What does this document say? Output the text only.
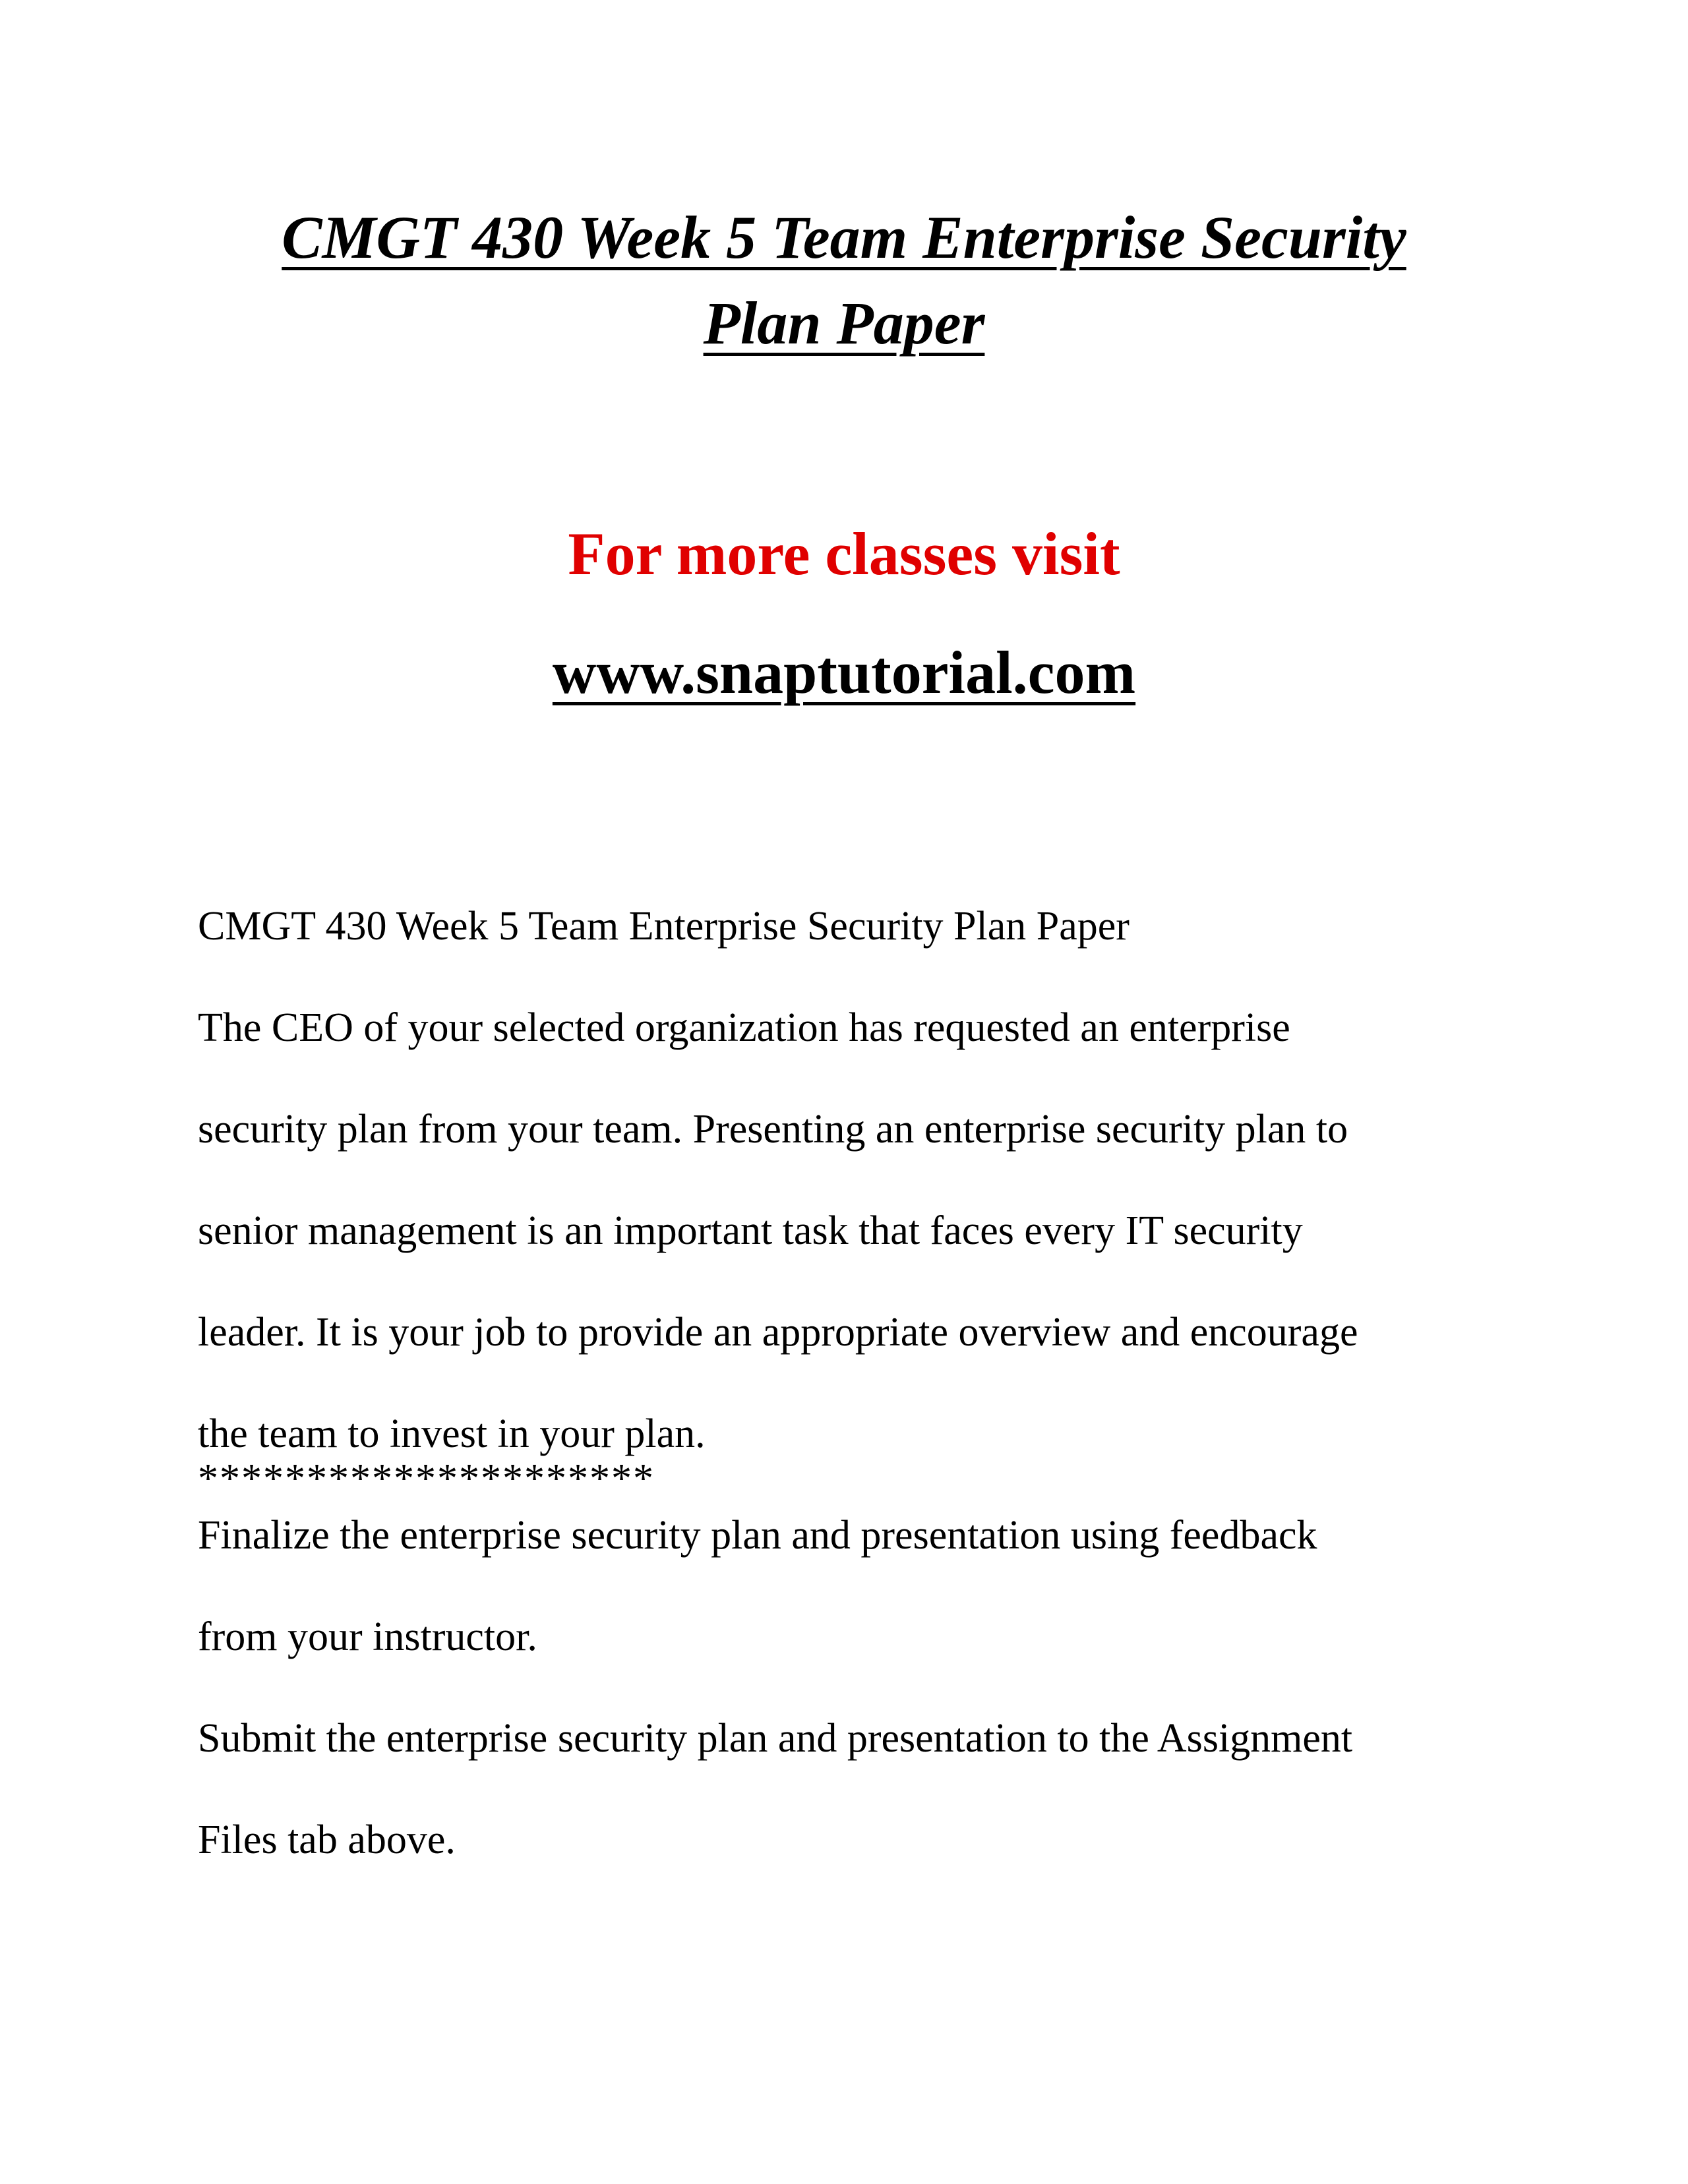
CMGT 430 Week 5 Team Enterprise Security
Plan Paper
For more classes visit
www.snaptutorial.com

CMGT 430 Week 5 Team Enterprise Security Plan Paper

The CEO of your selected organization has requested an enterprise

security plan from your team. Presenting an enterprise security plan to

senior management is an important task that faces every IT security

leader. It is your job to provide an appropriate overview and encourage

the team to invest in your plan.

Finalize the enterprise security plan and presentation using feedback

from your instructor.

Submit the enterprise security plan and presentation to the Assignment

Files tab above.

*********************
